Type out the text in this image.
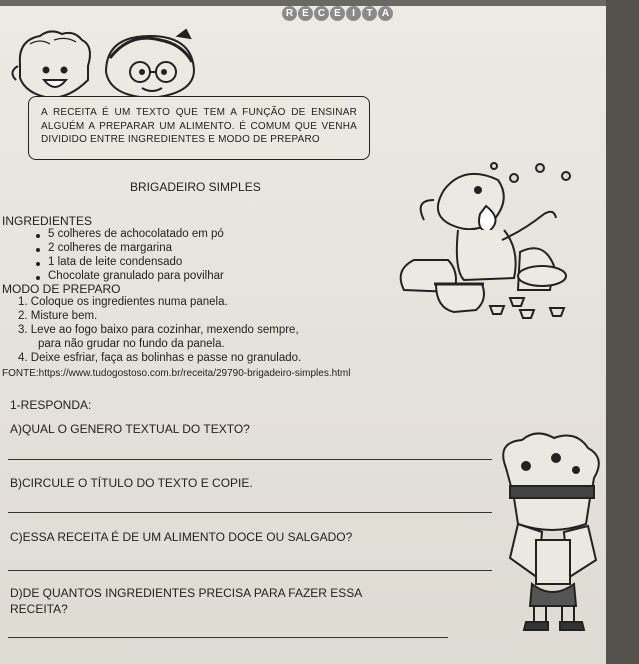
R E C E	I	T A

A RECEITA É UM TEXTO QUE TEM A FUNÇÃO DE ENSINAR ALGUÉM A PREPARAR UM ALIMENTO. É COMUM QUE VENHA DIVIDIDO ENTRE INGREDIENTES E MODO DE PREPARO

BRIGADEIRO SIMPLES
INGREDIENTES
5 colheres de achocolatado em pó
2 colheres de margarina
1 lata de leite condensado
Chocolate granulado para povilhar
MODO DE PREPARO
1. Coloque os ingredientes numa panela.
2. Misture bem.
3. Leve ao fogo baixo para cozinhar, mexendo sempre,
para não grudar no fundo da panela.
4. Deixe esfriar, faça as bolinhas e passe no granulado.
FONTE:https://www.tudogostoso.com.br/receita/29790-brigadeiro-simples.html
1-RESPONDA:
A)QUAL O GENERO TEXTUAL DO TEXTO?
B)CIRCULE O TÍTULO DO TEXTO E COPIE.
C)ESSA RECEITA É DE UM ALIMENTO DOCE OU SALGADO?
D)DE QUANTOS INGREDIENTES PRECISA PARA FAZER ESSA
RECEITA?
